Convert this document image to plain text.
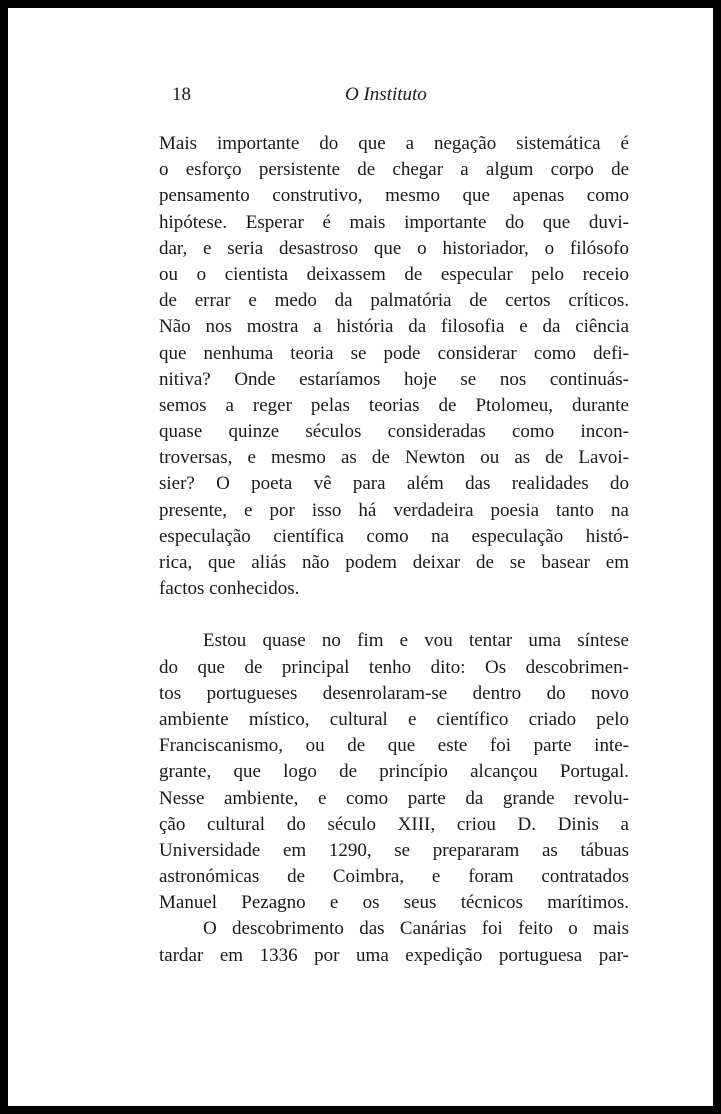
18	O Instituto
Mais importante do que a negação sistemática é
o esforço persistente de chegar a algum corpo de
pensamento construtivo, mesmo que apenas como
hipótese. Esperar é mais importante do que duvi-
dar, e seria desastroso que o historiador, o filósofo
ou o cientista deixassem de especular pelo receio
de errar e medo da palmatória de certos críticos.
Não nos mostra a história da filosofia e da ciência
que nenhuma teoria se pode considerar como defi-
nitiva? Onde estaríamos hoje se nos continuás-
semos a reger pelas teorias de Ptolomeu, durante
quase quinze séculos consideradas como incon-
troversas, e mesmo as de Newton ou as de Lavoi-
sier? O poeta vê para além das realidades do
presente, e por isso há verdadeira poesia tanto na
especulação científica como na especulação histó-
rica, que aliás não podem deixar de se basear em
factos conhecidos.
Estou quase no fim e vou tentar uma síntese
do que de principal tenho dito: Os descobrimen-
tos portugueses desenrolaram-se dentro do novo
ambiente místico, cultural e científico criado pelo
Franciscanismo, ou de que este foi parte inte-
grante, que logo de princípio alcançou Portugal.
Nesse ambiente, e como parte da grande revolu-
ção cultural do século XIII, criou D. Dinis a
Universidade em 1290, se prepararam as tábuas
astronómicas de Coimbra, e foram contratados
Manuel Pezagno e os seus técnicos marítimos.
O descobrimento das Canárias foi feito o mais
tardar em 1336 por uma expedição portuguesa par-
